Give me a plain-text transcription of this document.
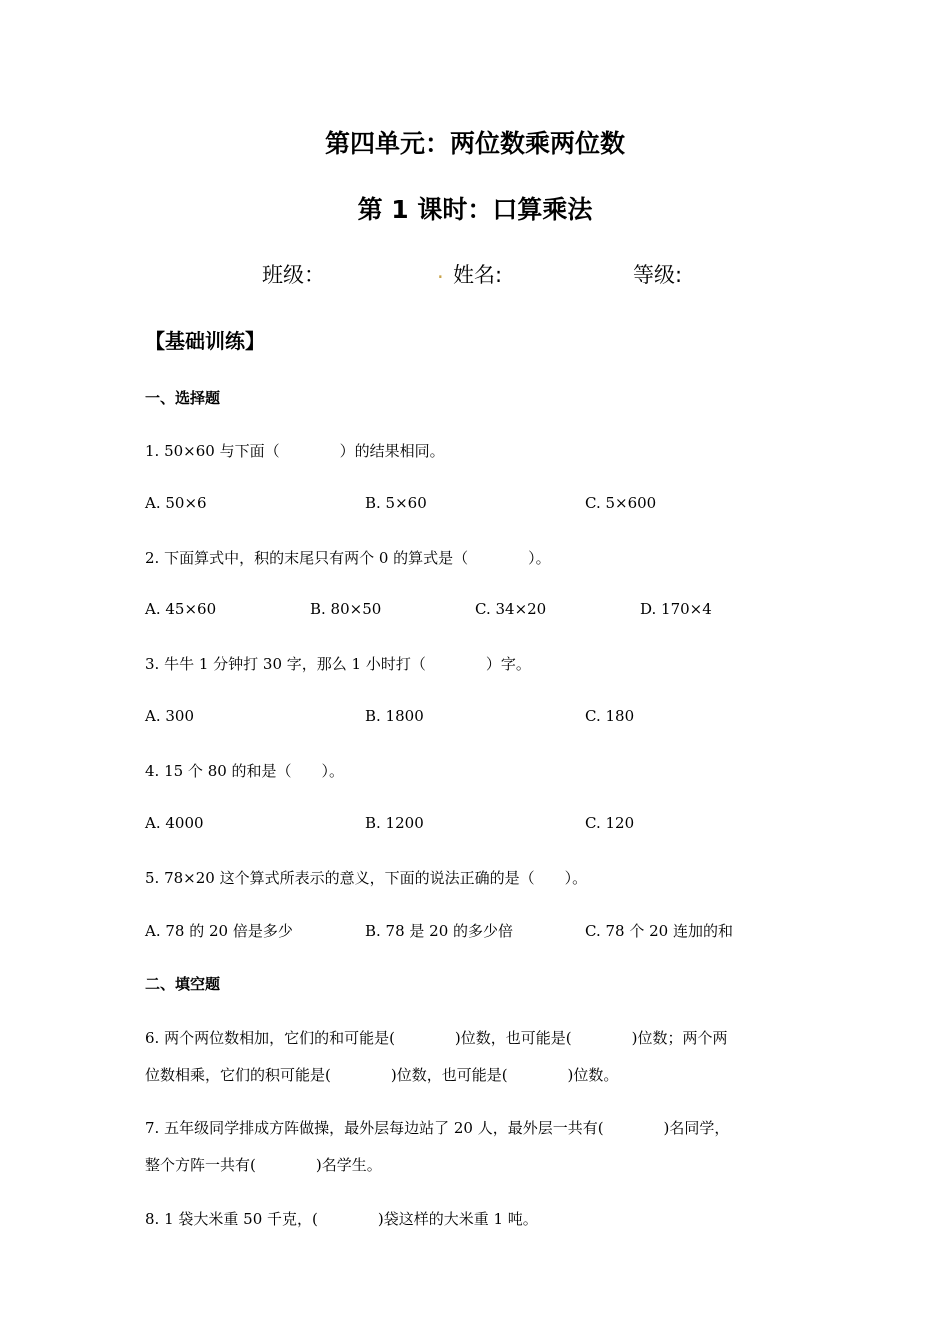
第四单元：两位数乘两位数
第 1 课时：口算乘法
班级：	. 姓名:	等级:
【基础训练】
一、选择题
1. 50×60 与下面（　　　　）的结果相同。
A. 50×6	B. 5×60	C. 5×600
2. 下面算式中，积的末尾只有两个 0 的算式是（　　　　）。
A. 45×60	B. 80×50	C. 34×20	D. 170×4
3. 牛牛 1 分钟打 30 字，那么 1 小时打（　　　　）字。
A. 300	B. 1800	C. 180
4. 15 个 80 的和是（　　）。
A. 4000	B. 1200	C. 120
5. 78×20 这个算式所表示的意义，下面的说法正确的是（　　）。
A. 78 的 20 倍是多少	B. 78 是 20 的多少倍	C. 78 个 20 连加的和
二、填空题
6. 两个两位数相加，它们的和可能是(　　　　)位数，也可能是(　　　　)位数；两个两
位数相乘，它们的积可能是(　　　　)位数，也可能是(　　　　)位数。
7. 五年级同学排成方阵做操，最外层每边站了 20 人，最外层一共有(　　　　)名同学，
整个方阵一共有(　　　　)名学生。
8. 1 袋大米重 50 千克，(　　　　)袋这样的大米重 1 吨。
